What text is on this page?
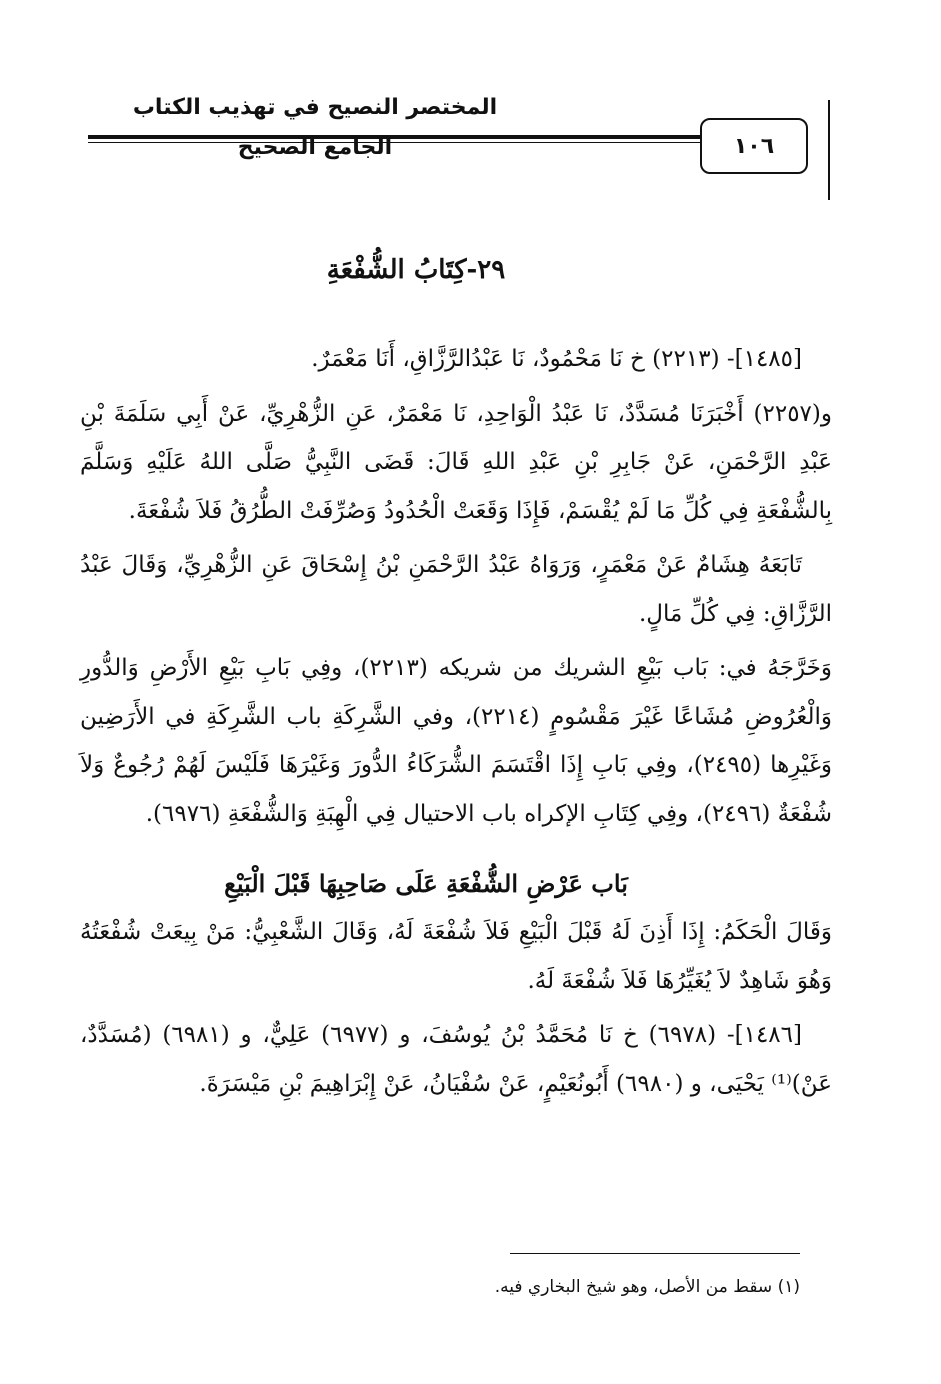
المختصر النصيح في تهذيب الكتاب الجامع الصحيح	١٠٦
٢٩-كِتَابُ الشُّفْعَةِ

[١٤٨٥]- (٢٢١٣) خ نَا مَحْمُودٌ، نَا عَبْدُالرَّزَّاقِ، أَنَا مَعْمَرٌ.

و(٢٢٥٧) أَخْبَرَنَا مُسَدَّدٌ، نَا عَبْدُ الْوَاحِدِ، نَا مَعْمَرٌ، عَنِ الزُّهْرِيِّ، عَنْ أَبِي سَلَمَةَ بْنِ عَبْدِ الرَّحْمَنِ، عَنْ جَابِرِ بْنِ عَبْدِ اللهِ قَالَ: قَضَى النَّبِيُّ صَلَّى اللهُ عَلَيْهِ وَسَلَّمَ بِالشُّفْعَةِ فِي كُلِّ مَا لَمْ يُقْسَمْ، فَإِذَا وَقَعَتْ الْحُدُودُ وَصُرِّفَتْ الطُّرُقُ فَلاَ شُفْعَةَ.

تَابَعَهُ هِشَامٌ عَنْ مَعْمَرٍ، وَرَوَاهُ عَبْدُ الرَّحْمَنِ بْنُ إِسْحَاقَ عَنِ الزُّهْرِيِّ، وَقَالَ عَبْدُ الرَّزَّاقِ: فِي كُلِّ مَالٍ.

وَخَرَّجَهُ في: بَاب بَيْعِ الشريك من شريكه (٢٢١٣)، وفِي بَابِ بَيْعِ الأَرْضِ وَالدُّورِ وَالْعُرُوضِ مُشَاعًا غَيْرَ مَقْسُومٍ (٢٢١٤)، وفي الشَّرِكَةِ باب الشَّرِكَةِ في الأَرَضِين وَغَيْرِها (٢٤٩٥)، وفِي بَابِ إِذَا اقْتَسَمَ الشُّرَكَاءُ الدُّورَ وَغَيْرَهَا فَلَيْسَ لَهُمْ رُجُوعٌ وَلاَ شُفْعَةٌ (٢٤٩٦)، وفِي كِتَابِ الإكراه باب الاحتيال فِي الْهِبَةِ وَالشُّفْعَةِ (٦٩٧٦).

بَاب عَرْضِ الشُّفْعَةِ عَلَى صَاحِبِهَا قَبْلَ الْبَيْعِ

وَقَالَ الْحَكَمُ: إِذَا أَذِنَ لَهُ قَبْلَ الْبَيْعِ فَلاَ شُفْعَةَ لَهُ، وَقَالَ الشَّعْبِيُّ: مَنْ بِيعَتْ شُفْعَتُهُ وَهُوَ شَاهِدٌ لاَ يُغَيِّرُهَا فَلاَ شُفْعَةَ لَهُ.

[١٤٨٦]- (٦٩٧٨) خ نَا مُحَمَّدُ بْنُ يُوسُفَ، و (٦٩٧٧) عَلِيٌّ، و (٦٩٨١) (مُسَدَّدٌ، عَنْ)⁽¹⁾ يَحْيَى، و (٦٩٨٠) أَبُونُعَيْمٍ، عَنْ سُفْيَانُ، عَنْ إِبْرَاهِيمَ بْنِ مَيْسَرَةَ.

(١) سقط من الأصل، وهو شيخ البخاري فيه.
